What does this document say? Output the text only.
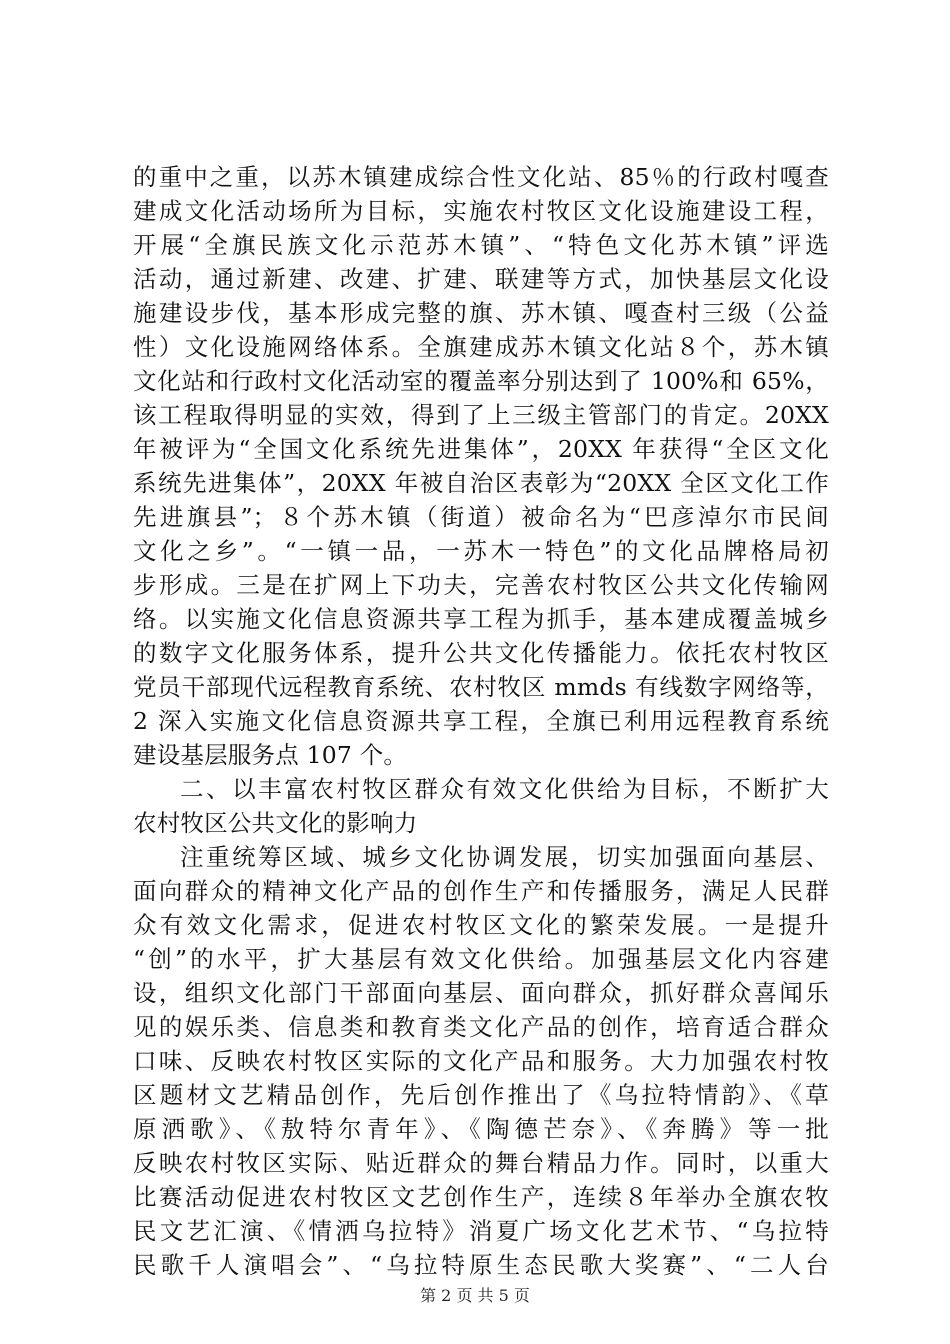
的重中之重，以苏木镇建成综合性文化站、85％的行政村嘎查
建成文化活动场所为目标，实施农村牧区文化设施建设工程，
开展“全旗民族文化示范苏木镇”、“特色文化苏木镇”评选
活动，通过新建、改建、扩建、联建等方式，加快基层文化设
施建设步伐，基本形成完整的旗、苏木镇、嘎查村三级（公益
性）文化设施网络体系。全旗建成苏木镇文化站８个，苏木镇
文化站和行政村文化活动室的覆盖率分别达到了 100%和 65%，
该工程取得明显的实效，得到了上三级主管部门的肯定。20XX
年被评为“全国文化系统先进集体”，20XX 年获得“全区文化
系统先进集体”，20XX 年被自治区表彰为“20XX 全区文化工作
先进旗县”；８个苏木镇（街道）被命名为“巴彦淖尔市民间
文化之乡”。“一镇一品，一苏木一特色”的文化品牌格局初
步形成。三是在扩网上下功夫，完善农村牧区公共文化传输网
络。以实施文化信息资源共享工程为抓手，基本建成覆盖城乡
的数字文化服务体系，提升公共文化传播能力。依托农村牧区
党员干部现代远程教育系统、农村牧区 mmds 有线数字网络等，
2 深入实施文化信息资源共享工程，全旗已利用远程教育系统
建设基层服务点 107 个。
二、以丰富农村牧区群众有效文化供给为目标，不断扩大
农村牧区公共文化的影响力
注重统筹区域、城乡文化协调发展，切实加强面向基层、
面向群众的精神文化产品的创作生产和传播服务，满足人民群
众有效文化需求，促进农村牧区文化的繁荣发展。一是提升
“创”的水平，扩大基层有效文化供给。加强基层文化内容建
设，组织文化部门干部面向基层、面向群众，抓好群众喜闻乐
见的娱乐类、信息类和教育类文化产品的创作，培育适合群众
口味、反映农村牧区实际的文化产品和服务。大力加强农村牧
区题材文艺精品创作，先后创作推出了《乌拉特情韵》、《草
原洒歌》、《敖特尔青年》、《陶德芒奈》、《奔腾》等一批
反映农村牧区实际、贴近群众的舞台精品力作。同时，以重大
比赛活动促进农村牧区文艺创作生产，连续８年举办全旗农牧
民文艺汇演、《情洒乌拉特》消夏广场文化艺术节、“乌拉特
民歌千人演唱会”、“乌拉特原生态民歌大奖赛”、“二人台
第 2 页 共 5 页
